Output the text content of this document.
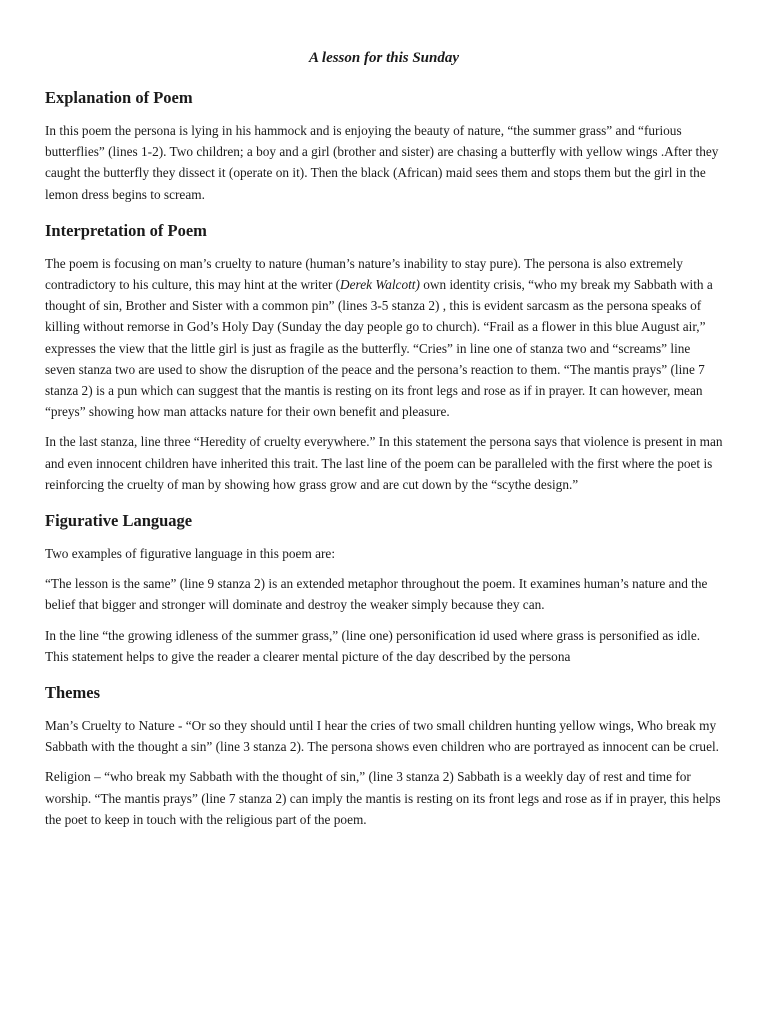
A lesson for this Sunday
Explanation of Poem

In this poem the persona is lying in his hammock and is enjoying the beauty of nature, “the summer grass” and “furious butterflies” (lines 1-2). Two children; a boy and a girl (brother and sister) are chasing a butterfly with yellow wings .After they caught the butterfly they dissect it (operate on it). Then the black (African) maid sees them and stops them but the girl in the lemon dress begins to scream.

Interpretation of Poem

The poem is focusing on man’s cruelty to nature (human’s nature’s inability to stay pure). The persona is also extremely contradictory to his culture, this may hint at the writer (Derek Walcott) own identity crisis, “who my break my Sabbath with a thought of sin, Brother and Sister with a common pin” (lines 3-5 stanza 2) , this is evident sarcasm as the persona speaks of killing without remorse in God’s Holy Day (Sunday the day people go to church). “Frail as a flower in this blue August air,” expresses the view that the little girl is just as fragile as the butterfly. “Cries” in line one of stanza two and “screams” line seven stanza two are used to show the disruption of the peace and the persona’s reaction to them. “The mantis prays” (line 7 stanza 2) is a pun which can suggest that the mantis is resting on its front legs and rose as if in prayer. It can however, mean “preys” showing how man attacks nature for their own benefit and pleasure.

In the last stanza, line three “Heredity of cruelty everywhere.” In this statement the persona says that violence is present in man and even innocent children have inherited this trait. The last line of the poem can be paralleled with the first where the poet is reinforcing the cruelty of man by showing how grass grow and are cut down by the “scythe design.”

Figurative Language

Two examples of figurative language in this poem are:

“The lesson is the same” (line 9 stanza 2) is an extended metaphor throughout the poem. It examines human’s nature and the belief that bigger and stronger will dominate and destroy the weaker simply because they can.

In the line “the growing idleness of the summer grass,” (line one) personification id used where grass is personified as idle. This statement helps to give the reader a clearer mental picture of the day described by the persona

Themes

Man’s Cruelty to Nature - “Or so they should until I hear the cries of two small children hunting yellow wings, Who break my Sabbath with the thought a sin” (line 3 stanza 2). The persona shows even children who are portrayed as innocent can be cruel.

Religion – “who break my Sabbath with the thought of sin,” (line 3 stanza 2) Sabbath is a weekly day of rest and time for worship. “The mantis prays” (line 7 stanza 2) can imply the mantis is resting on its front legs and rose as if in prayer, this helps the poet to keep in touch with the religious part of the poem.
